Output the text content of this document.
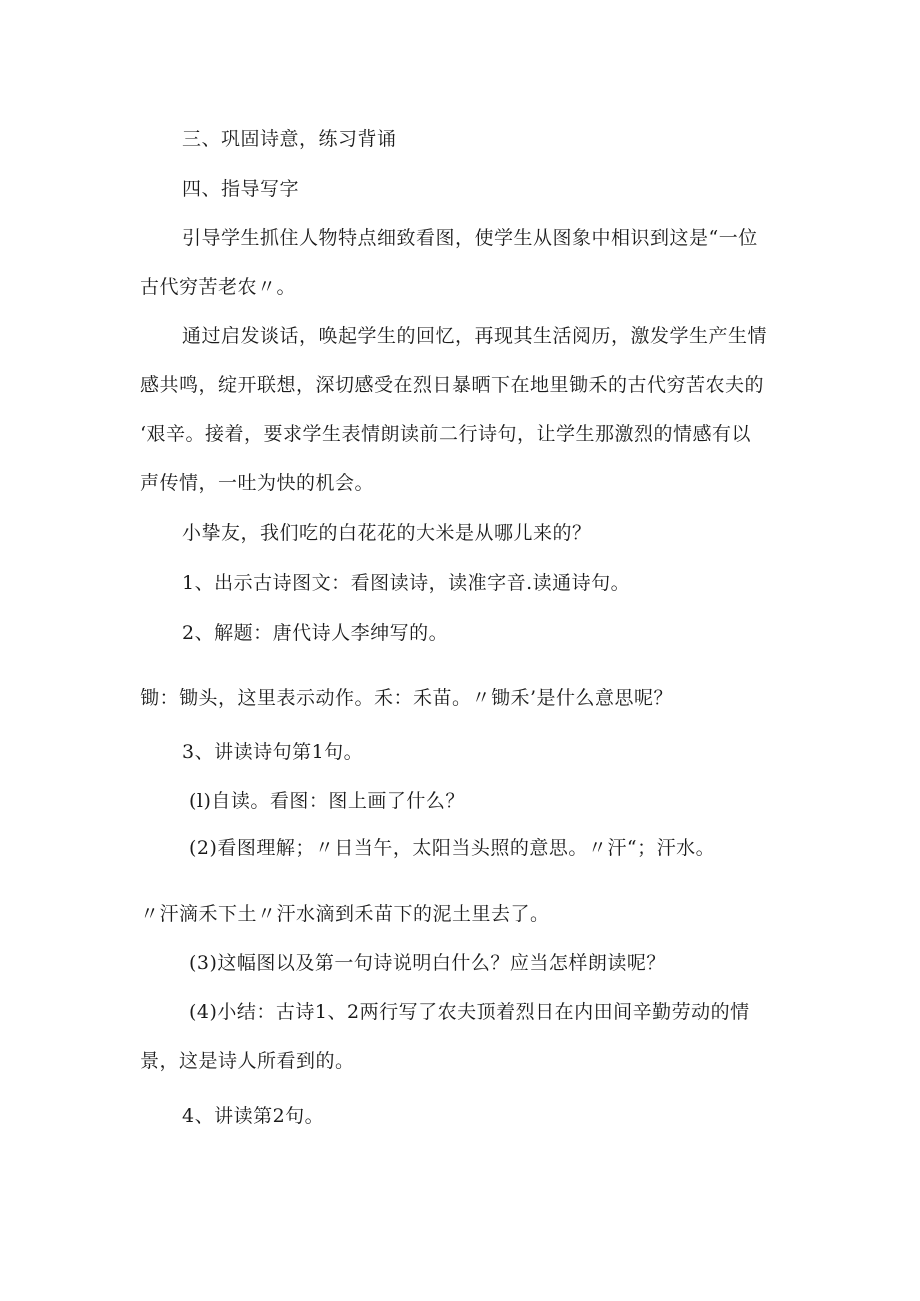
三、巩固诗意，练习背诵
四、指导写字
引导学生抓住人物特点细致看图，使学生从图象中相识到这是“一位
古代穷苦老农〃。
通过启发谈话，唤起学生的回忆，再现其生活阅历，激发学生产生情
感共鸣，绽开联想，深切感受在烈日暴晒下在地里锄禾的古代穷苦农夫的
‘艰辛。接着，要求学生表情朗读前二行诗句，让学生那激烈的情感有以
声传情，一吐为快的机会。
小挚友，我们吃的白花花的大米是从哪儿来的？
1、出示古诗图文：看图读诗，读准字音.读通诗句。
2、解题：唐代诗人李绅写的。
锄：锄头，这里表示动作。禾：禾苗。〃锄禾’是什么意思呢？
3、讲读诗句第1句。
(l)自读。看图：图上画了什么？
(2)看图理解；〃日当午，太阳当头照的意思。〃汗“；汗水。
〃汗滴禾下土〃汗水滴到禾苗下的泥土里去了。
(3)这幅图以及第一句诗说明白什么？应当怎样朗读呢？
(4)小结：古诗1、2两行写了农夫顶着烈日在内田间辛勤劳动的情
景，这是诗人所看到的。
4、讲读第2句。
